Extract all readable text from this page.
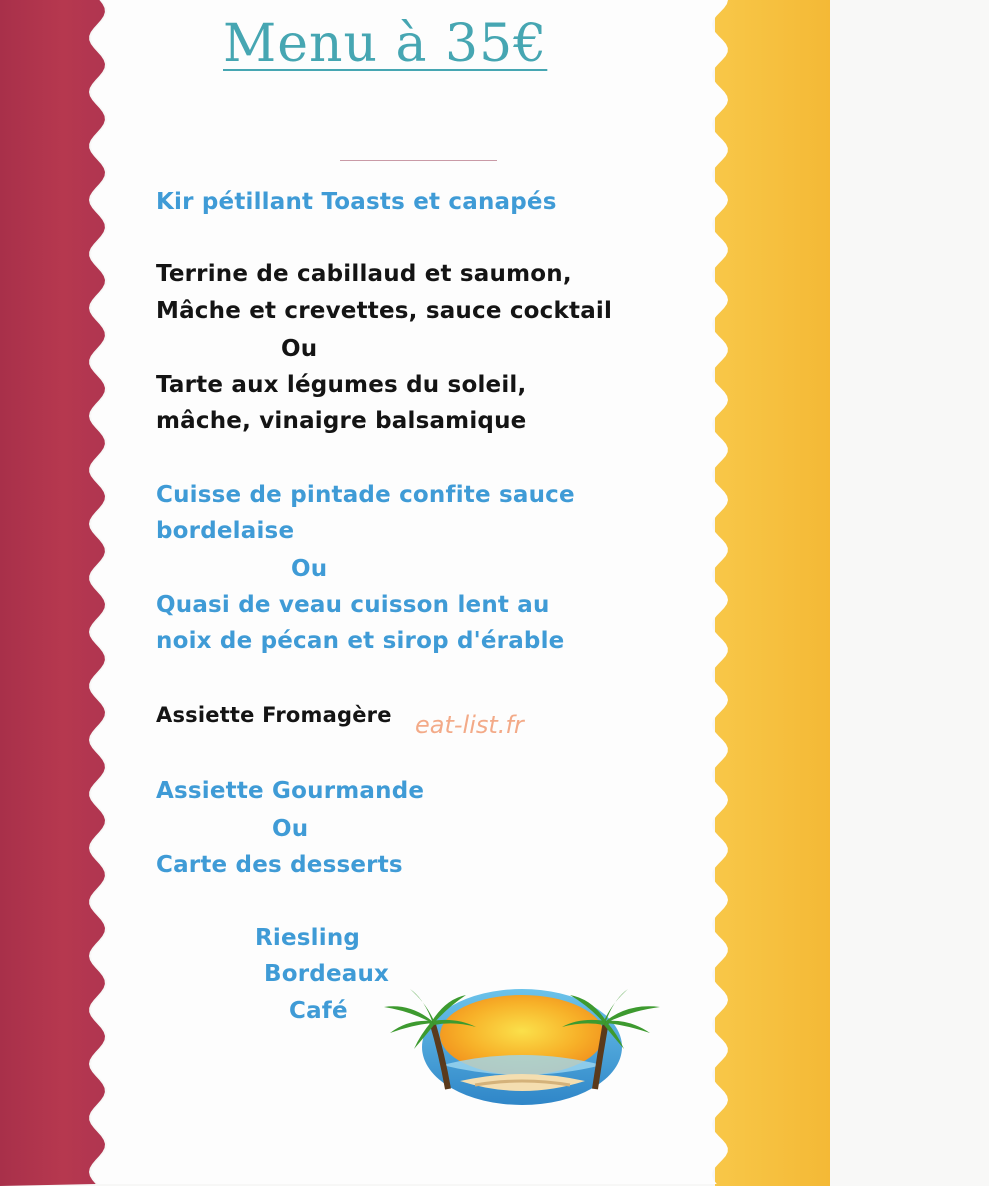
Menu à 35€
Kir pétillant Toasts et canapés
Terrine de cabillaud et saumon,
Mâche et crevettes, sauce cocktail
Ou
Tarte aux légumes du soleil,
mâche, vinaigre balsamique
Cuisse de pintade confite sauce
bordelaise
Ou
Quasi de veau cuisson lent au
noix de pécan et sirop d'érable
Assiette Fromagère
Assiette Gourmande
Ou
Carte des desserts
Riesling
Bordeaux
Café
eat-list.fr
